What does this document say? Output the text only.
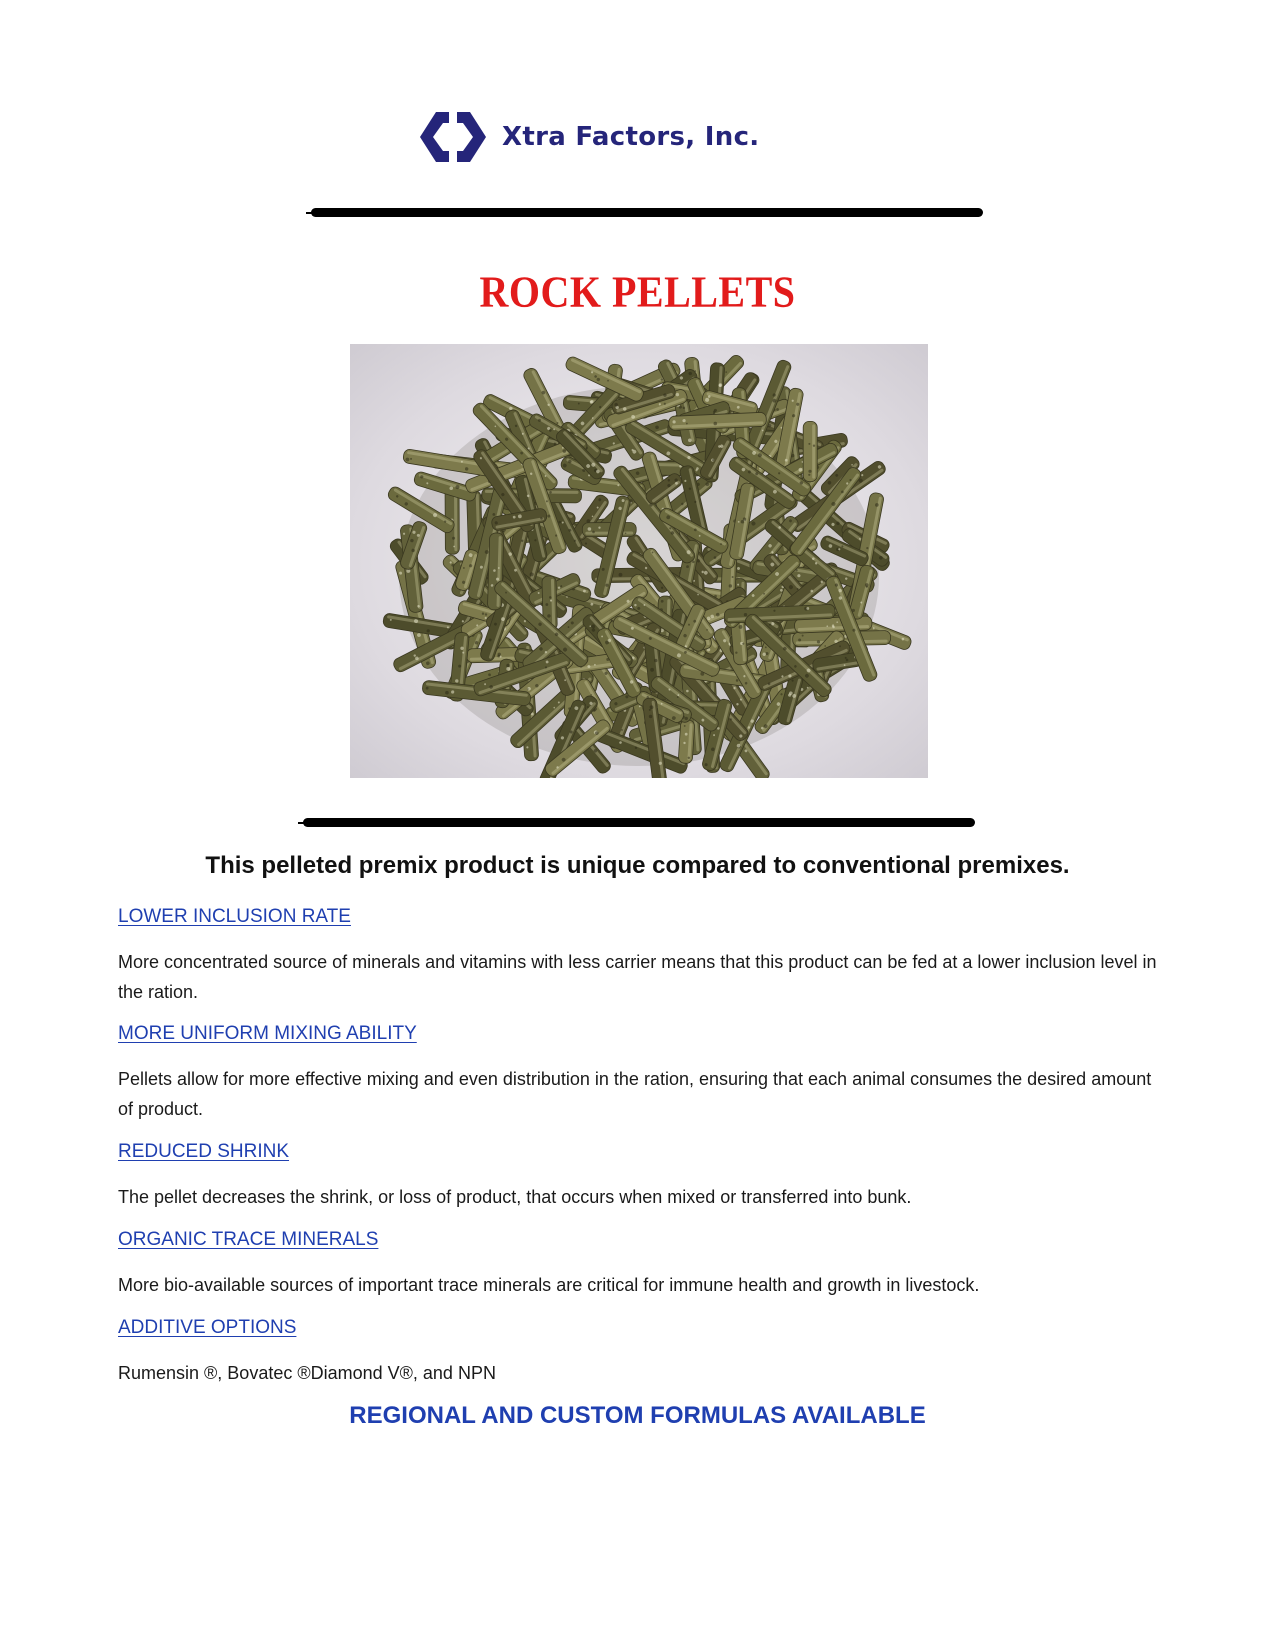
Xtra Factors, Inc.
ROCK PELLETS
This pelleted premix product is unique compared to conventional premixes.
LOWER INCLUSION RATE
More concentrated source of minerals and vitamins with less carrier means that this product can be fed at a lower inclusion level in the ration.
MORE UNIFORM MIXING ABILITY
Pellets allow for more effective mixing and even distribution in the ration, ensuring that each animal consumes the desired amount of product.
REDUCED SHRINK
The pellet decreases the shrink, or loss of product, that occurs when mixed or transferred into bunk.
ORGANIC TRACE MINERALS
More bio-available sources of important trace minerals are critical for immune health and growth in livestock.
ADDITIVE OPTIONS
Rumensin ®, Bovatec ®Diamond V®, and NPN
REGIONAL AND CUSTOM FORMULAS AVAILABLE
